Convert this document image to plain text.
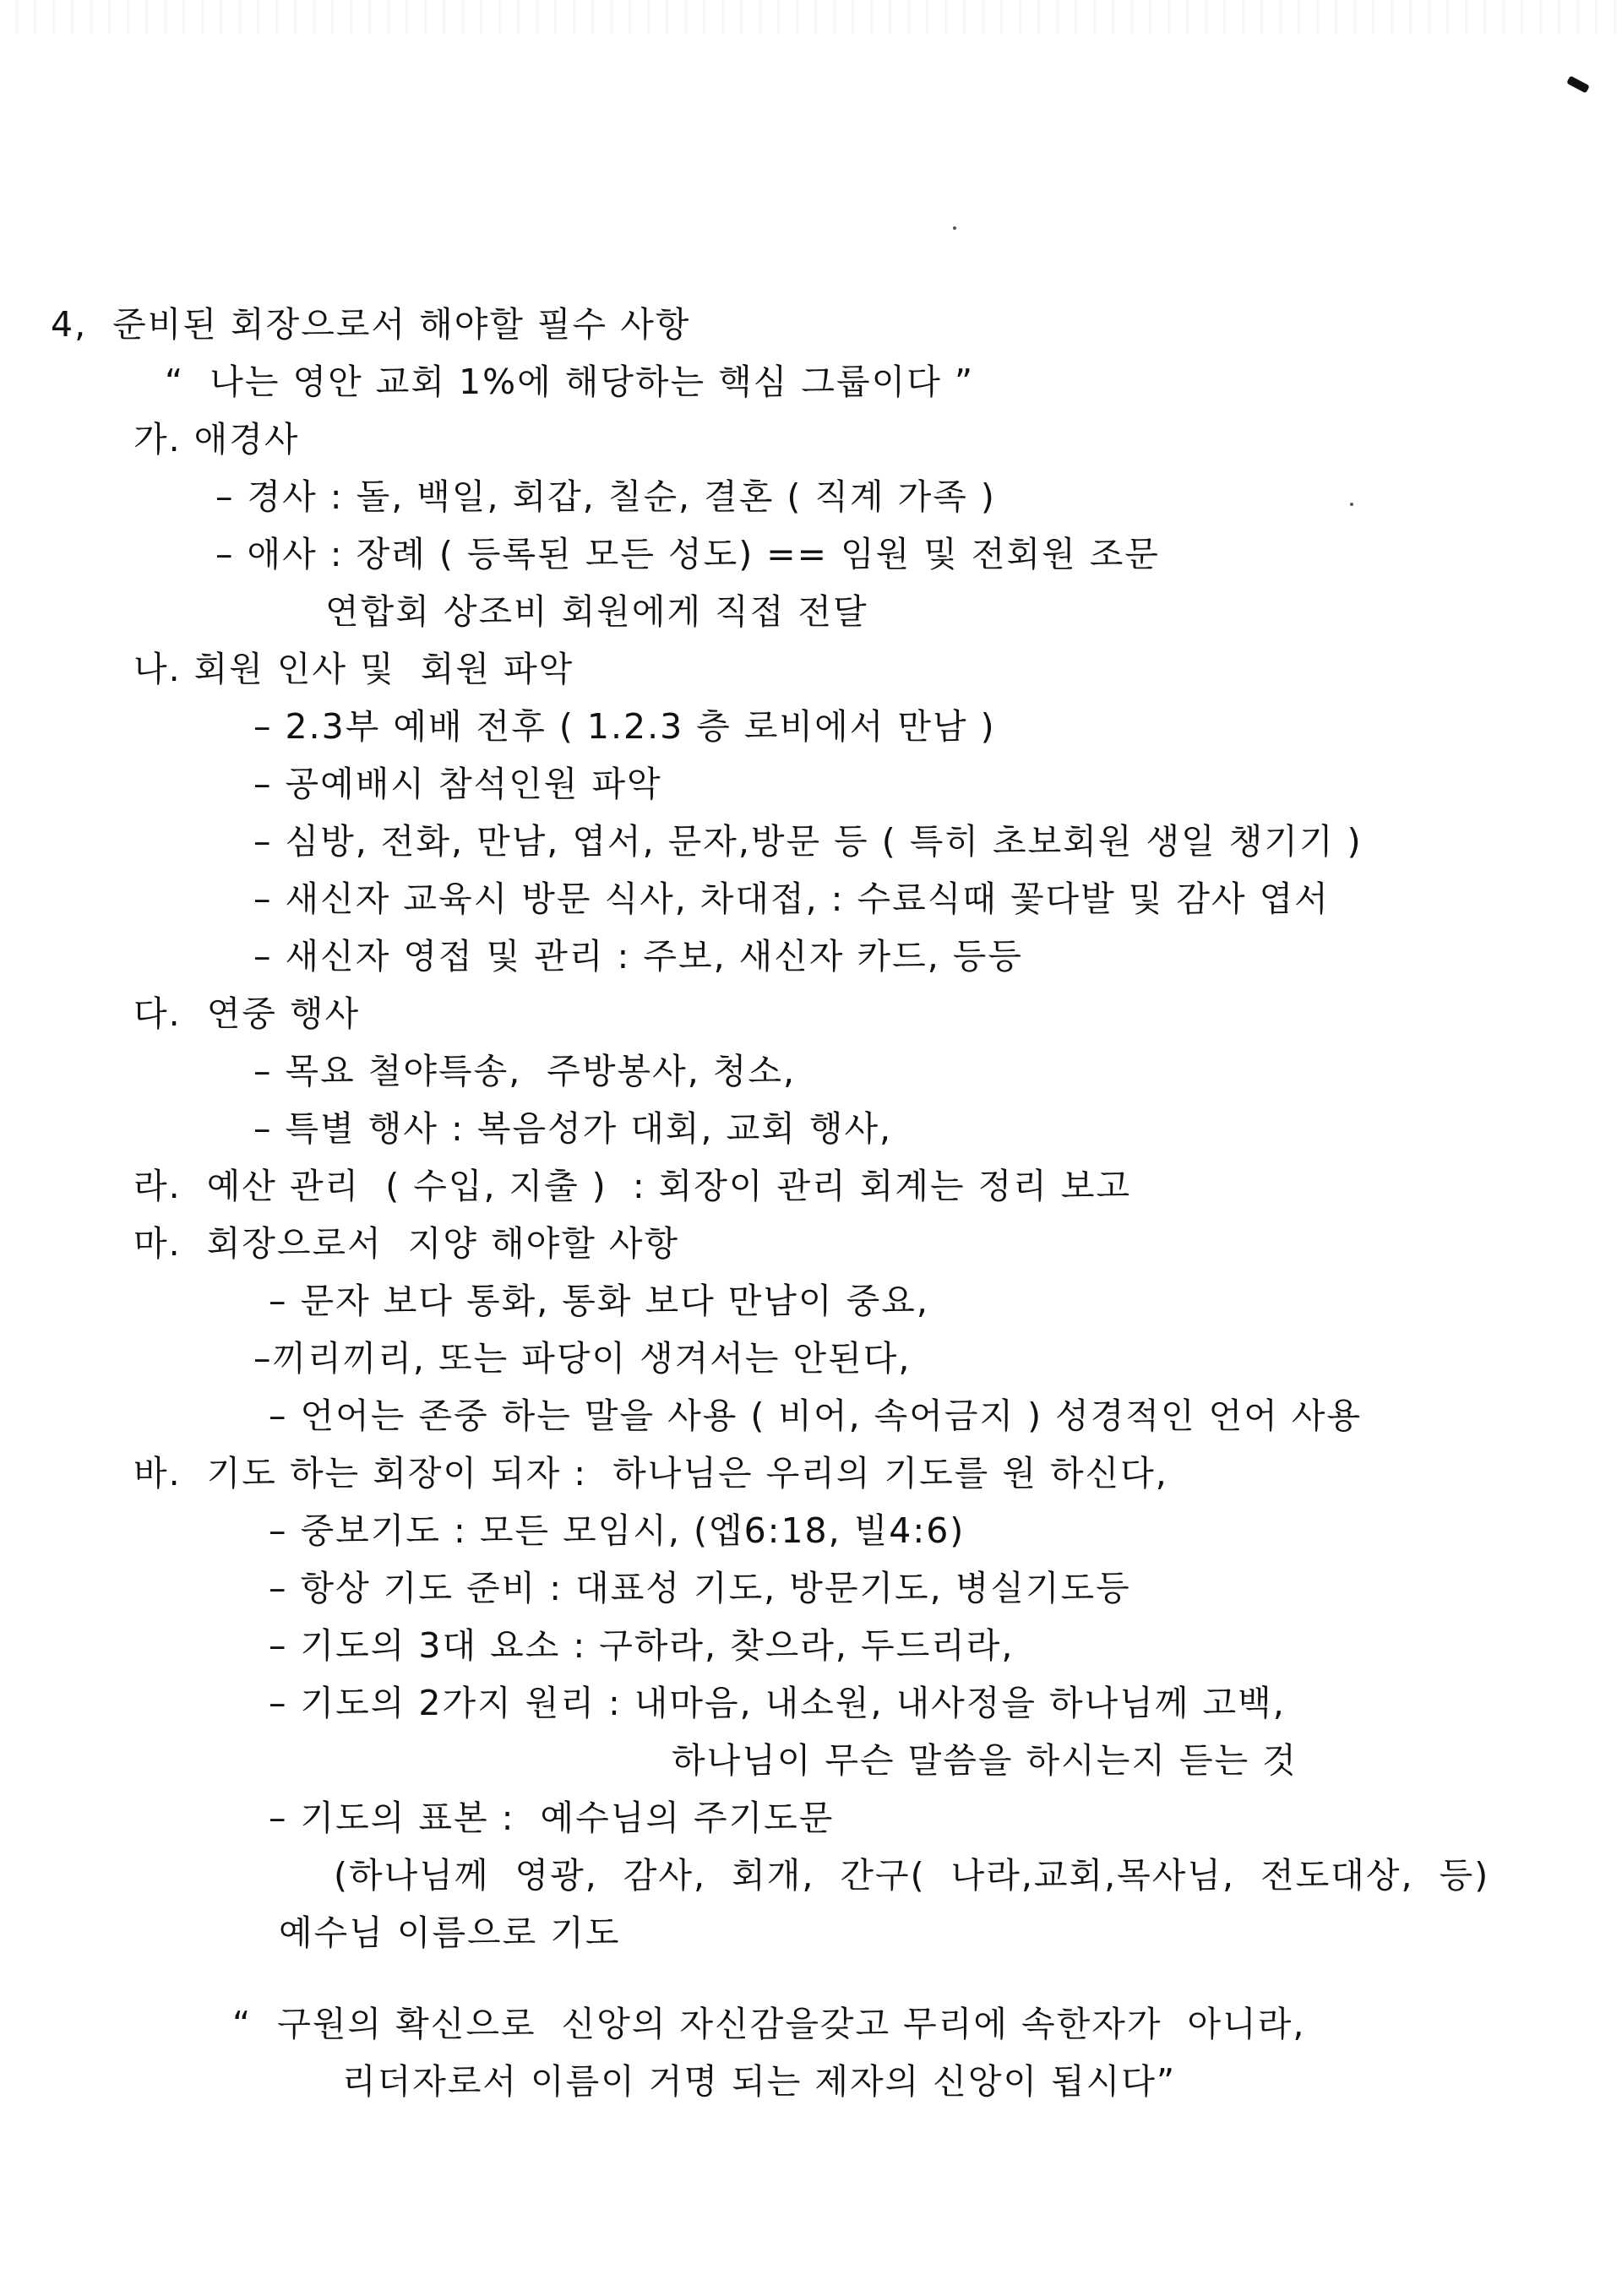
4,  준비된 회장으로서 해야할 필수 사항
“  나는 영안 교회 1%에 해당하는 핵심 그룹이다 ”
가. 애경사
– 경사 : 돌, 백일, 회갑, 칠순, 결혼 ( 직계 가족 )
– 애사 : 장례 ( 등록된 모든 성도) == 임원 및 전회원 조문
연합회 상조비 회원에게 직접 전달
나. 회원 인사 및  회원 파악
– 2.3부 예배 전후 ( 1.2.3 층 로비에서 만남 )
– 공예배시 참석인원 파악
– 심방, 전화, 만남, 엽서, 문자,방문 등 ( 특히 초보회원 생일 챙기기 )
– 새신자 교육시 방문 식사, 차대접, : 수료식때 꽃다발 및 감사 엽서
– 새신자 영접 및 관리 : 주보, 새신자 카드, 등등
다.  연중 행사
– 목요 철야특송,  주방봉사, 청소,
– 특별 행사 : 복음성가 대회, 교회 행사,
라.  예산 관리  ( 수입, 지출 )  : 회장이 관리 회계는 정리 보고
마.  회장으로서  지양 해야할 사항
– 문자 보다 통화, 통화 보다 만남이 중요,
–끼리끼리, 또는 파당이 생겨서는 안된다,
– 언어는 존중 하는 말을 사용 ( 비어, 속어금지 ) 성경적인 언어 사용
바.  기도 하는 회장이 되자 :  하나님은 우리의 기도를 원 하신다,
– 중보기도 : 모든 모임시, (엡6:18, 빌4:6)
– 항상 기도 준비 : 대표성 기도, 방문기도, 병실기도등
– 기도의 3대 요소 : 구하라, 찾으라, 두드리라,
– 기도의 2가지 원리 : 내마음, 내소원, 내사정을 하나님께 고백,
하나님이 무슨 말씀을 하시는지 듣는 것
– 기도의 표본 :  예수님의 주기도문
(하나님께  영광,  감사,  회개,  간구(  나라,교회,목사님,  전도대상,  등)
예수님 이름으로 기도
“  구원의 확신으로  신앙의 자신감을갖고 무리에 속한자가  아니라,
리더자로서 이름이 거명 되는 제자의 신앙이 됩시다”
